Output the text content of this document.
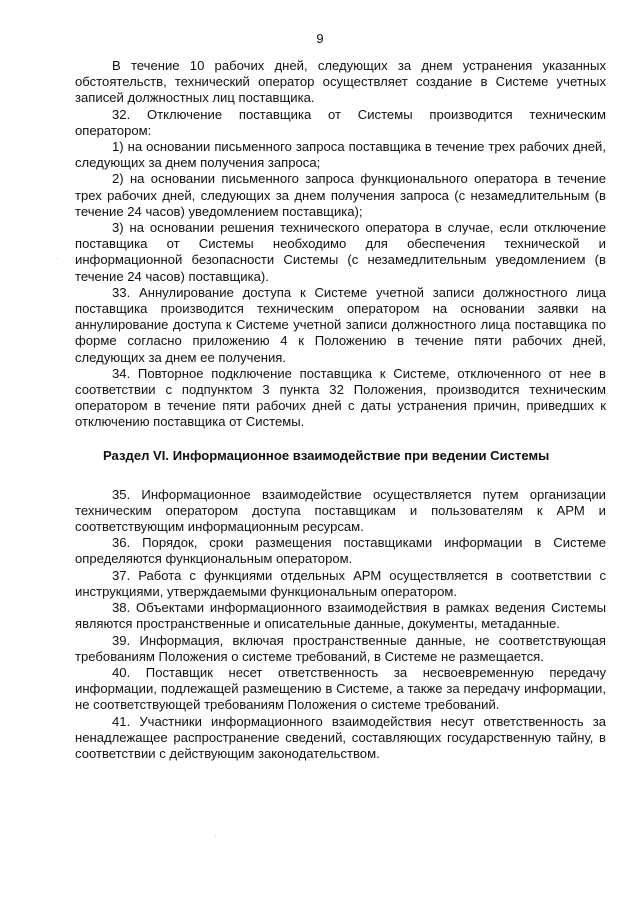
9

В течение 10 рабочих дней, следующих за днем устранения указанных обстоятельств, технический оператор осуществляет создание в Системе учетных записей должностных лиц поставщика.

32. Отключение поставщика от Системы производится техническим оператором:

1) на основании письменного запроса поставщика в течение трех рабочих дней, следующих за днем получения запроса;

2) на основании письменного запроса функционального оператора в течение трех рабочих дней, следующих за днем получения запроса (с незамедлительным (в течение 24 часов) уведомлением поставщика);

3) на основании решения технического оператора в случае, если отключение поставщика от Системы необходимо для обеспечения технической и информационной безопасности Системы (с незамедлительным уведомлением (в течение 24 часов) поставщика).

33. Аннулирование доступа к Системе учетной записи должностного лица поставщика производится техническим оператором на основании заявки на аннулирование доступа к Системе учетной записи должностного лица поставщика по форме согласно приложению 4 к Положению в течение пяти рабочих дней, следующих за днем ее получения.

34. Повторное подключение поставщика к Системе, отключенного от нее в соответствии с подпунктом 3 пункта 32 Положения, производится техническим оператором в течение пяти рабочих дней с даты устранения причин, приведших к отключению поставщика от Системы.

Раздел VI. Информационное взаимодействие при ведении Системы

35. Информационное взаимодействие осуществляется путем организации техническим оператором доступа поставщикам и пользователям к АРМ и соответствующим информационным ресурсам.

36. Порядок, сроки размещения поставщиками информации в Системе определяются функциональным оператором.

37. Работа с функциями отдельных АРМ осуществляется в соответствии с инструкциями, утверждаемыми функциональным оператором.

38. Объектами информационного взаимодействия в рамках ведения Системы являются пространственные и описательные данные, документы, метаданные.

39. Информация, включая пространственные данные, не соответствующая требованиям Положения о системе требований, в Системе не размещается.

40. Поставщик несет ответственность за несвоевременную передачу информации, подлежащей размещению в Системе, а также за передачу информации, не соответствующей требованиям Положения о системе требований.

41. Участники информационного взаимодействия несут ответственность за ненадлежащее распространение сведений, составляющих государственную тайну, в соответствии с действующим законодательством.
